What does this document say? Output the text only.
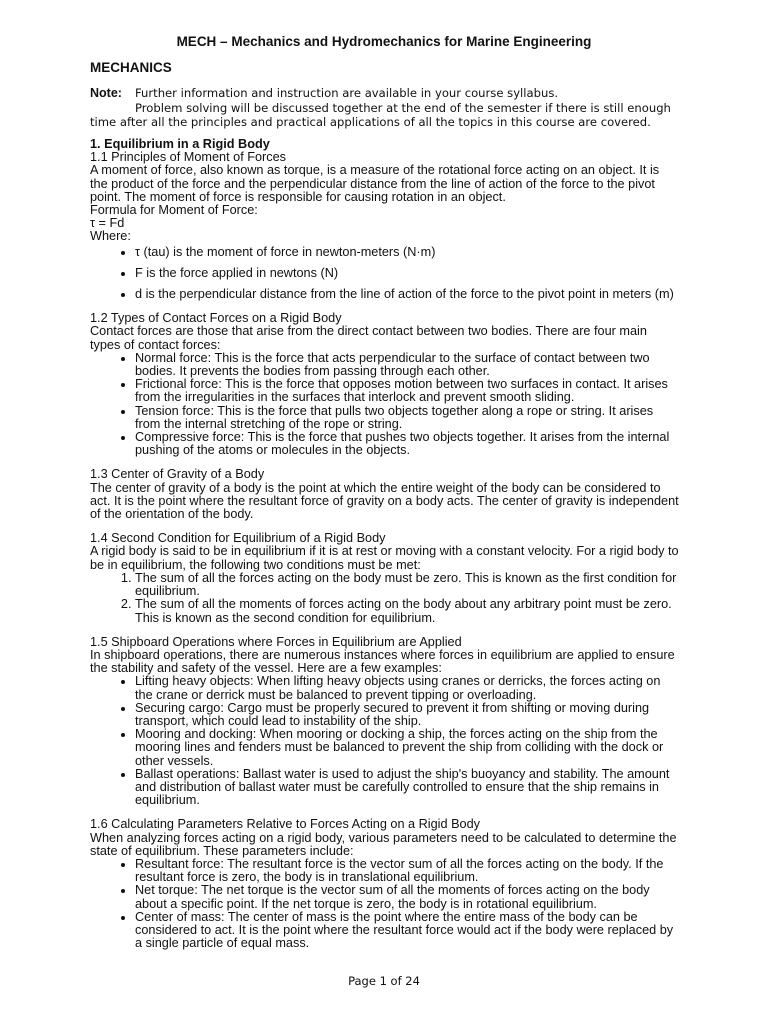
MECH – Mechanics and Hydromechanics for Marine Engineering
MECHANICS
Note: Further information and instruction are available in your course syllabus.
Problem solving will be discussed together at the end of the semester if there is still enough
time after all the principles and practical applications of all the topics in this course are covered.

1. Equilibrium in a Rigid Body

1.1 Principles of Moment of Forces

A moment of force, also known as torque, is a measure of the rotational force acting on an object. It is the product of the force and the perpendicular distance from the line of action of the force to the pivot point. The moment of force is responsible for causing rotation in an object.

Formula for Moment of Force:

τ = Fd

Where:

• τ (tau) is the moment of force in newton-meters (N·m)
• F is the force applied in newtons (N)
• d is the perpendicular distance from the line of action of the force to the pivot point in meters (m)

1.2 Types of Contact Forces on a Rigid Body

Contact forces are those that arise from the direct contact between two bodies. There are four main types of contact forces:

• Normal force: This is the force that acts perpendicular to the surface of contact between two bodies. It prevents the bodies from passing through each other.
• Frictional force: This is the force that opposes motion between two surfaces in contact. It arises from the irregularities in the surfaces that interlock and prevent smooth sliding.
• Tension force: This is the force that pulls two objects together along a rope or string. It arises from the internal stretching of the rope or string.
• Compressive force: This is the force that pushes two objects together. It arises from the internal pushing of the atoms or molecules in the objects.

1.3 Center of Gravity of a Body

The center of gravity of a body is the point at which the entire weight of the body can be considered to act. It is the point where the resultant force of gravity on a body acts. The center of gravity is independent of the orientation of the body.

1.4 Second Condition for Equilibrium of a Rigid Body

A rigid body is said to be in equilibrium if it is at rest or moving with a constant velocity. For a rigid body to be in equilibrium, the following two conditions must be met:

1. The sum of all the forces acting on the body must be zero. This is known as the first condition for equilibrium.
2. The sum of all the moments of forces acting on the body about any arbitrary point must be zero. This is known as the second condition for equilibrium.

1.5 Shipboard Operations where Forces in Equilibrium are Applied

In shipboard operations, there are numerous instances where forces in equilibrium are applied to ensure the stability and safety of the vessel. Here are a few examples:

• Lifting heavy objects: When lifting heavy objects using cranes or derricks, the forces acting on the crane or derrick must be balanced to prevent tipping or overloading.
• Securing cargo: Cargo must be properly secured to prevent it from shifting or moving during transport, which could lead to instability of the ship.
• Mooring and docking: When mooring or docking a ship, the forces acting on the ship from the mooring lines and fenders must be balanced to prevent the ship from colliding with the dock or other vessels.
• Ballast operations: Ballast water is used to adjust the ship's buoyancy and stability. The amount and distribution of ballast water must be carefully controlled to ensure that the ship remains in equilibrium.

1.6 Calculating Parameters Relative to Forces Acting on a Rigid Body

When analyzing forces acting on a rigid body, various parameters need to be calculated to determine the state of equilibrium. These parameters include:

• Resultant force: The resultant force is the vector sum of all the forces acting on the body. If the resultant force is zero, the body is in translational equilibrium.
• Net torque: The net torque is the vector sum of all the moments of forces acting on the body about a specific point. If the net torque is zero, the body is in rotational equilibrium.
• Center of mass: The center of mass is the point where the entire mass of the body can be considered to act. It is the point where the resultant force would act if the body were replaced by a single particle of equal mass.
Page 1 of 24
